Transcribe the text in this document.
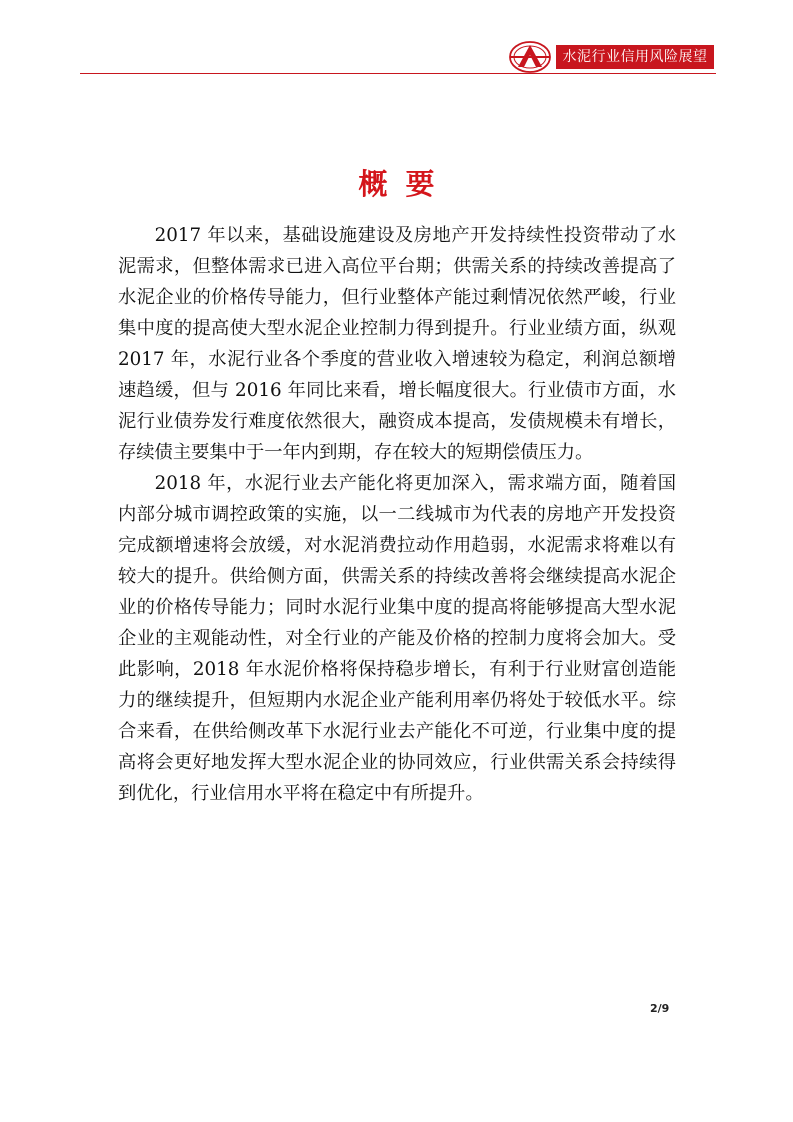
水泥行业信用风险展望
概要

2017 年以来，基础设施建设及房地产开发持续性投资带动了水泥需求，但整体需求已进入高位平台期；供需关系的持续改善提高了水泥企业的价格传导能力，但行业整体产能过剩情况依然严峻，行业集中度的提高使大型水泥企业控制力得到提升。行业业绩方面，纵观 2017 年，水泥行业各个季度的营业收入增速较为稳定，利润总额增速趋缓，但与 2016 年同比来看，增长幅度很大。行业债市方面，水泥行业债券发行难度依然很大，融资成本提高，发债规模未有增长，存续债主要集中于一年内到期，存在较大的短期偿债压力。

2018 年，水泥行业去产能化将更加深入，需求端方面，随着国内部分城市调控政策的实施，以一二线城市为代表的房地产开发投资完成额增速将会放缓，对水泥消费拉动作用趋弱，水泥需求将难以有较大的提升。供给侧方面，供需关系的持续改善将会继续提高水泥企业的价格传导能力；同时水泥行业集中度的提高将能够提高大型水泥企业的主观能动性，对全行业的产能及价格的控制力度将会加大。受此影响，2018 年水泥价格将保持稳步增长，有利于行业财富创造能力的继续提升，但短期内水泥企业产能利用率仍将处于较低水平。综合来看，在供给侧改革下水泥行业去产能化不可逆，行业集中度的提高将会更好地发挥大型水泥企业的协同效应，行业供需关系会持续得到优化，行业信用水平将在稳定中有所提升。

2/9
